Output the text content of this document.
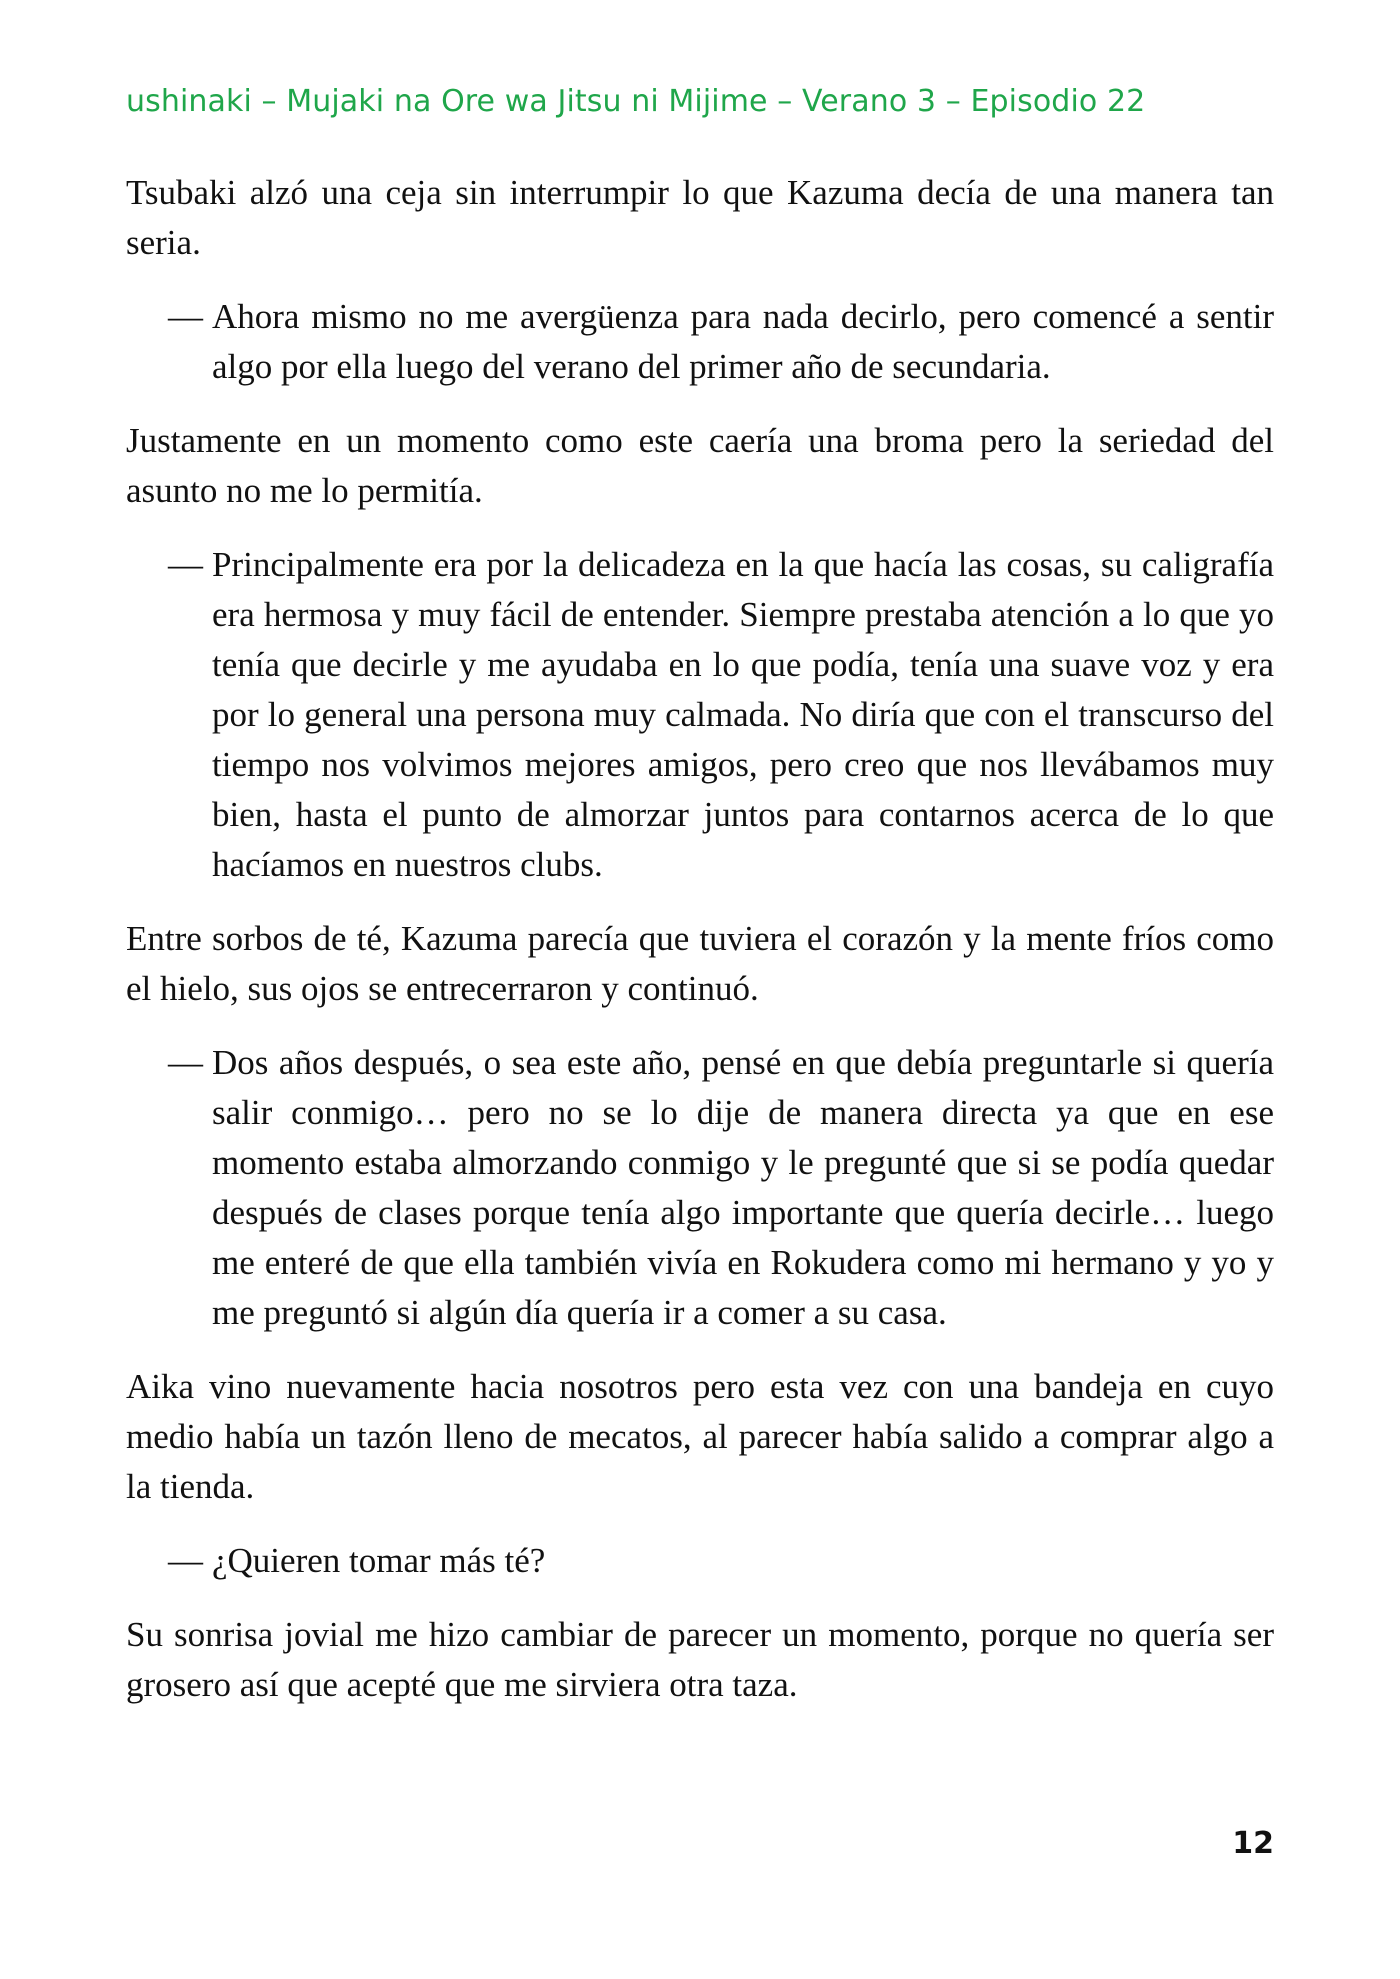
ushinaki – Mujaki na Ore wa Jitsu ni Mijime – Verano 3 – Episodio 22

Tsubaki alzó una ceja sin interrumpir lo que Kazuma decía de una manera tan seria.

— Ahora mismo no me avergüenza para nada decirlo, pero comencé a sentir algo por ella luego del verano del primer año de secundaria.

Justamente en un momento como este caería una broma pero la seriedad del asunto no me lo permitía.

— Principalmente era por la delicadeza en la que hacía las cosas, su caligrafía era hermosa y muy fácil de entender. Siempre prestaba atención a lo que yo tenía que decirle y me ayudaba en lo que podía, tenía una suave voz y era por lo general una persona muy calmada. No diría que con el transcurso del tiempo nos volvimos mejores amigos, pero creo que nos llevábamos muy bien, hasta el punto de almorzar juntos para contarnos acerca de lo que hacíamos en nuestros clubs.

Entre sorbos de té, Kazuma parecía que tuviera el corazón y la mente fríos como el hielo, sus ojos se entrecerraron y continuó.

— Dos años después, o sea este año, pensé en que debía preguntarle si quería salir conmigo… pero no se lo dije de manera directa ya que en ese momento estaba almorzando conmigo y le pregunté que si se podía quedar después de clases porque tenía algo importante que quería decirle… luego me enteré de que ella también vivía en Rokudera como mi hermano y yo y me preguntó si algún día quería ir a comer a su casa.

Aika vino nuevamente hacia nosotros pero esta vez con una bandeja en cuyo medio había un tazón lleno de mecatos, al parecer había salido a comprar algo a la tienda.

— ¿Quieren tomar más té?

Su sonrisa jovial me hizo cambiar de parecer un momento, porque no quería ser grosero así que acepté que me sirviera otra taza.

12
